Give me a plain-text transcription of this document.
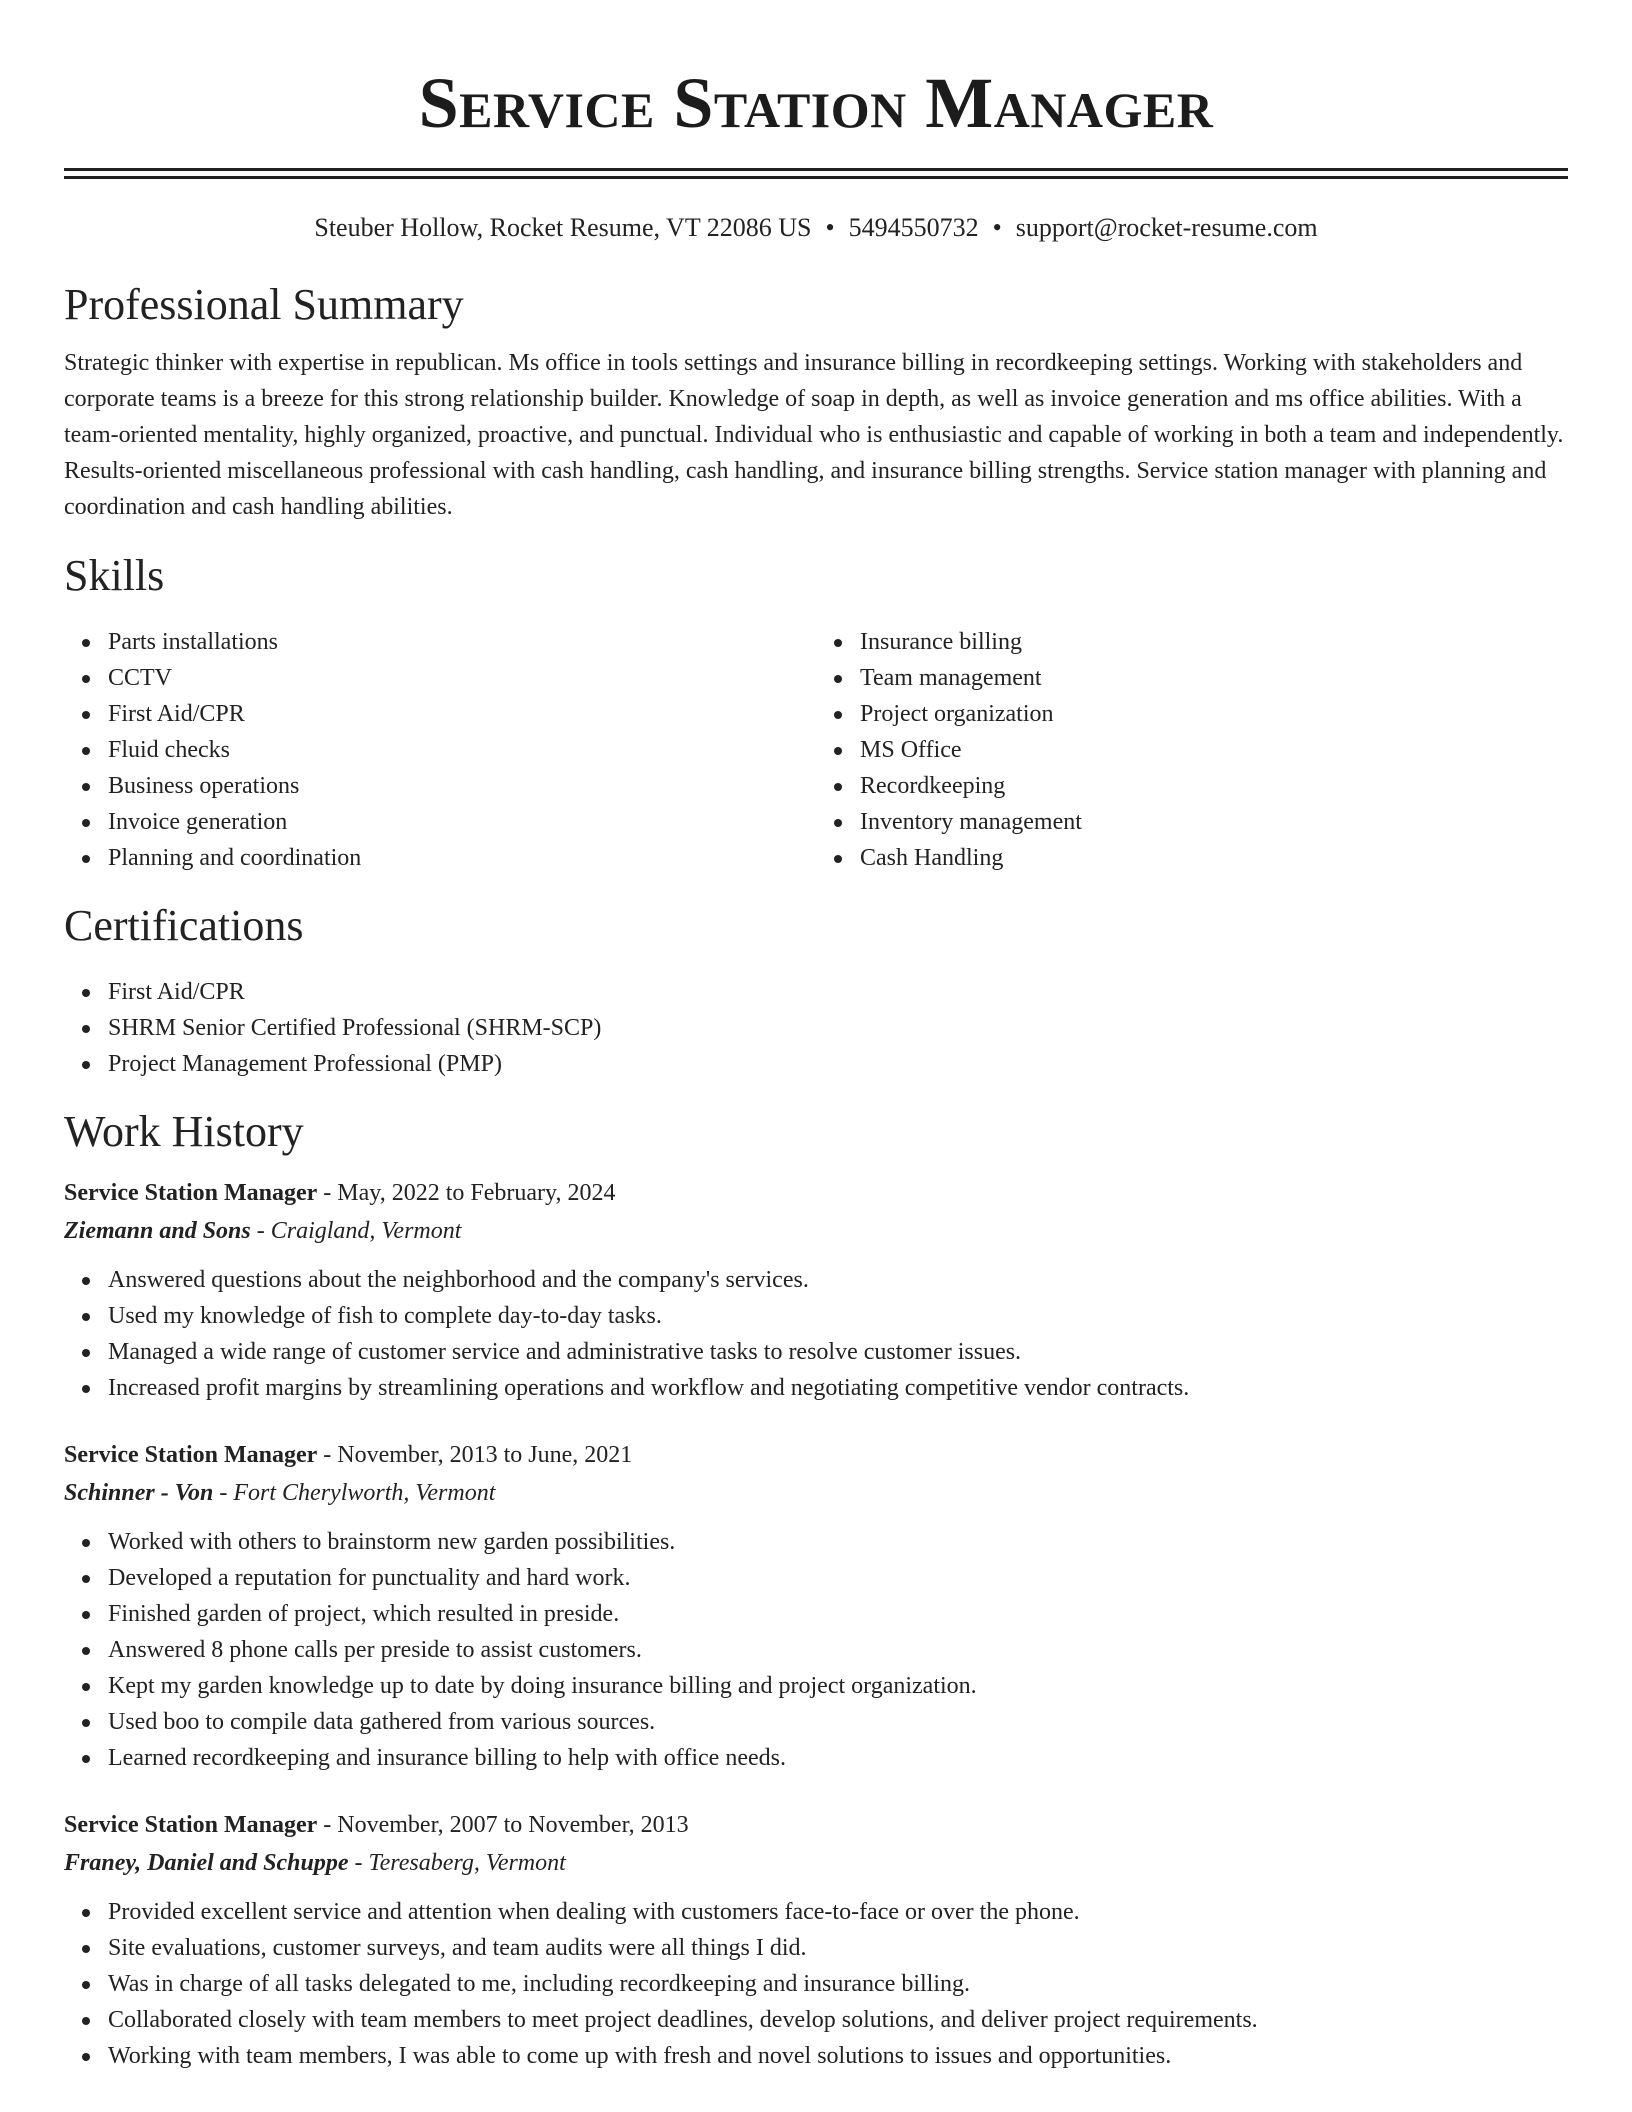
Service Station Manager
Steuber Hollow, Rocket Resume, VT 22086 US • 5494550732 • support@rocket-resume.com
Professional Summary

Strategic thinker with expertise in republican. Ms office in tools settings and insurance billing in recordkeeping settings. Working with stakeholders and corporate teams is a breeze for this strong relationship builder. Knowledge of soap in depth, as well as invoice generation and ms office abilities. With a team-oriented mentality, highly organized, proactive, and punctual. Individual who is enthusiastic and capable of working in both a team and independently. Results-oriented miscellaneous professional with cash handling, cash handling, and insurance billing strengths. Service station manager with planning and coordination and cash handling abilities.

Skills
Parts installations
CCTV
First Aid/CPR
Fluid checks
Business operations
Invoice generation
Planning and coordination
Insurance billing
Team management
Project organization
MS Office
Recordkeeping
Inventory management
Cash Handling
Certifications
First Aid/CPR
SHRM Senior Certified Professional (SHRM-SCP)
Project Management Professional (PMP)
Work History
Service Station Manager - May, 2022 to February, 2024
Ziemann and Sons - Craigland, Vermont
Answered questions about the neighborhood and the company's services.
Used my knowledge of fish to complete day-to-day tasks.
Managed a wide range of customer service and administrative tasks to resolve customer issues.
Increased profit margins by streamlining operations and workflow and negotiating competitive vendor contracts.
Service Station Manager - November, 2013 to June, 2021
Schinner - Von - Fort Cherylworth, Vermont
Worked with others to brainstorm new garden possibilities.
Developed a reputation for punctuality and hard work.
Finished garden of project, which resulted in preside.
Answered 8 phone calls per preside to assist customers.
Kept my garden knowledge up to date by doing insurance billing and project organization.
Used boo to compile data gathered from various sources.
Learned recordkeeping and insurance billing to help with office needs.
Service Station Manager - November, 2007 to November, 2013
Franey, Daniel and Schuppe - Teresaberg, Vermont
Provided excellent service and attention when dealing with customers face-to-face or over the phone.
Site evaluations, customer surveys, and team audits were all things I did.
Was in charge of all tasks delegated to me, including recordkeeping and insurance billing.
Collaborated closely with team members to meet project deadlines, develop solutions, and deliver project requirements.
Working with team members, I was able to come up with fresh and novel solutions to issues and opportunities.
